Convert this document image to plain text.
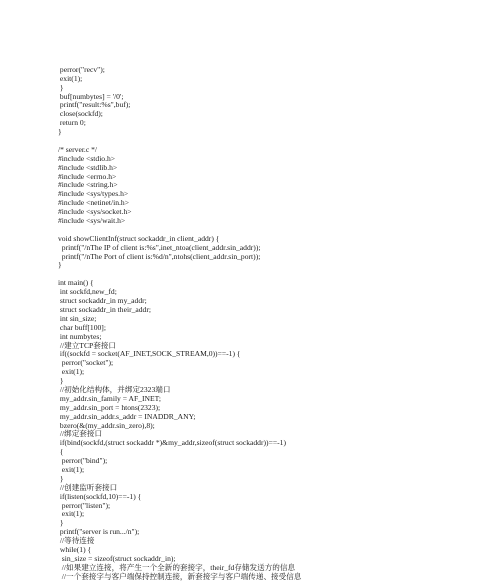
perror("recv");
exit(1);
}
buf[numbytes] = '/0';
printf("result:%s",buf);
close(sockfd);
return 0;
}
/* server.c */
#include <stdio.h>
#include <stdlib.h>
#include <errno.h>
#include <string.h>
#include <sys/types.h>
#include <netinet/in.h>
#include <sys/socket.h>
#include <sys/wait.h>
void showClientInf(struct sockaddr_in client_addr) {
printf("/nThe IP of client is:%s",inet_ntoa(client_addr.sin_addr));
printf("/nThe Port of client is:%d/n",ntohs(client_addr.sin_port));
}
int main() {
int sockfd,new_fd;
struct sockaddr_in my_addr;
struct sockaddr_in their_addr;
int sin_size;
char buff[100];
int numbytes;
//建立TCP套接口
if((sockfd = socket(AF_INET,SOCK_STREAM,0))==-1) {
perror("socket");
exit(1);
}
//初始化结构体，并绑定2323端口
my_addr.sin_family = AF_INET;
my_addr.sin_port = htons(2323);
my_addr.sin_addr.s_addr = INADDR_ANY;
bzero(&(my_addr.sin_zero),8);
//绑定套接口
if(bind(sockfd,(struct sockaddr *)&my_addr,sizeof(struct sockaddr))==-1)
{
perror("bind");
exit(1);
}
//创建监听套接口
if(listen(sockfd,10)==-1) {
perror("listen");
exit(1);
}
printf("server is run.../n");
//等待连接
while(1) {
sin_size = sizeof(struct sockaddr_in);
//如果建立连接，将产生一个全新的套接字，their_fd存储发送方的信息
//一个套接字与客户端保持控制连接，新套接字与客户端传递、接受信息
